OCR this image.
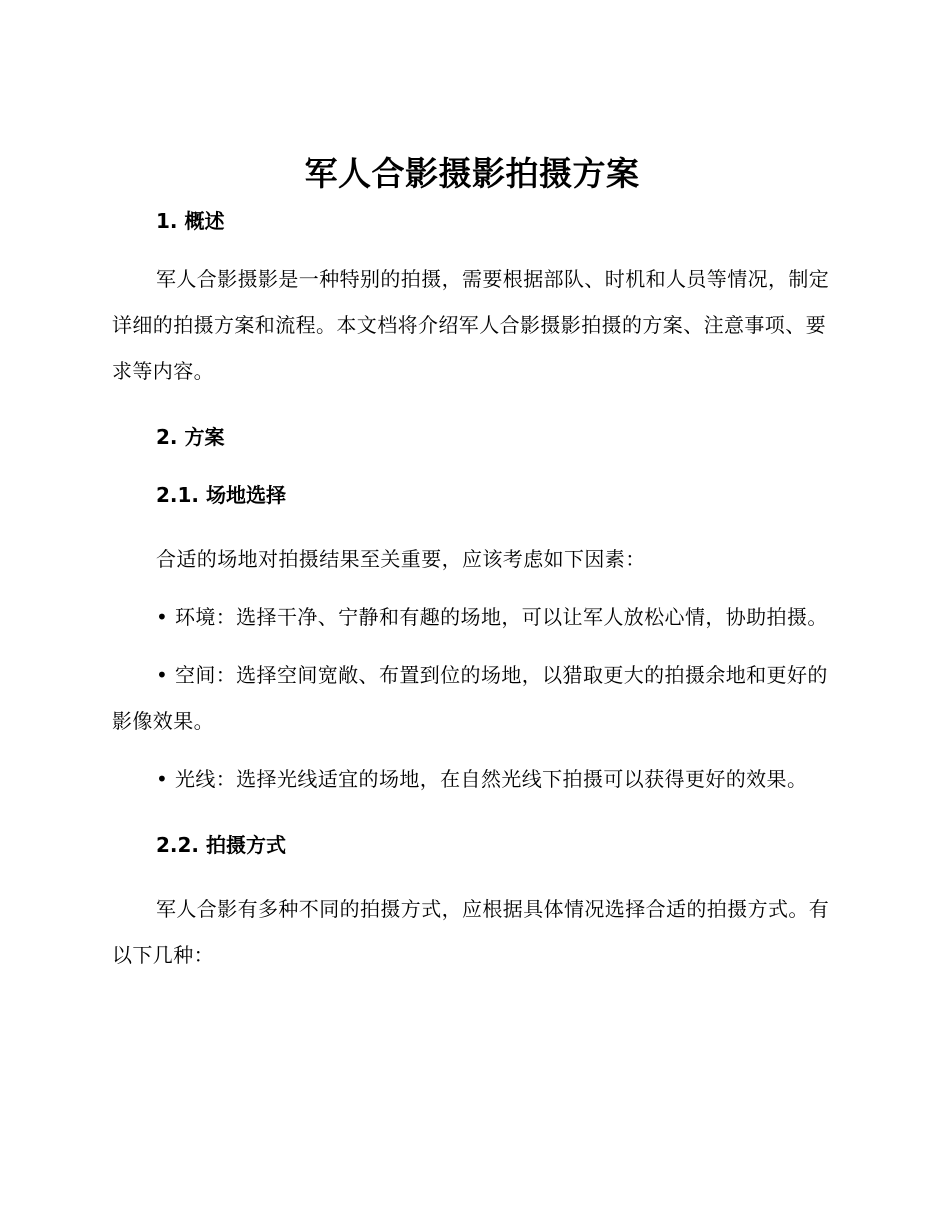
军人合影摄影拍摄方案
1. 概述

军人合影摄影是一种特别的拍摄，需要根据部队、时机和人员等情况，制定详细的拍摄方案和流程。本文档将介绍军人合影摄影拍摄的方案、注意事项、要求等内容。

2. 方案
2.1. 场地选择

合适的场地对拍摄结果至关重要，应该考虑如下因素：

• 环境：选择干净、宁静和有趣的场地，可以让军人放松心情，协助拍摄。

• 空间：选择空间宽敞、布置到位的场地，以猎取更大的拍摄余地和更好的影像效果。

• 光线：选择光线适宜的场地，在自然光线下拍摄可以获得更好的效果。

2.2. 拍摄方式

军人合影有多种不同的拍摄方式，应根据具体情况选择合适的拍摄方式。有以下几种：
